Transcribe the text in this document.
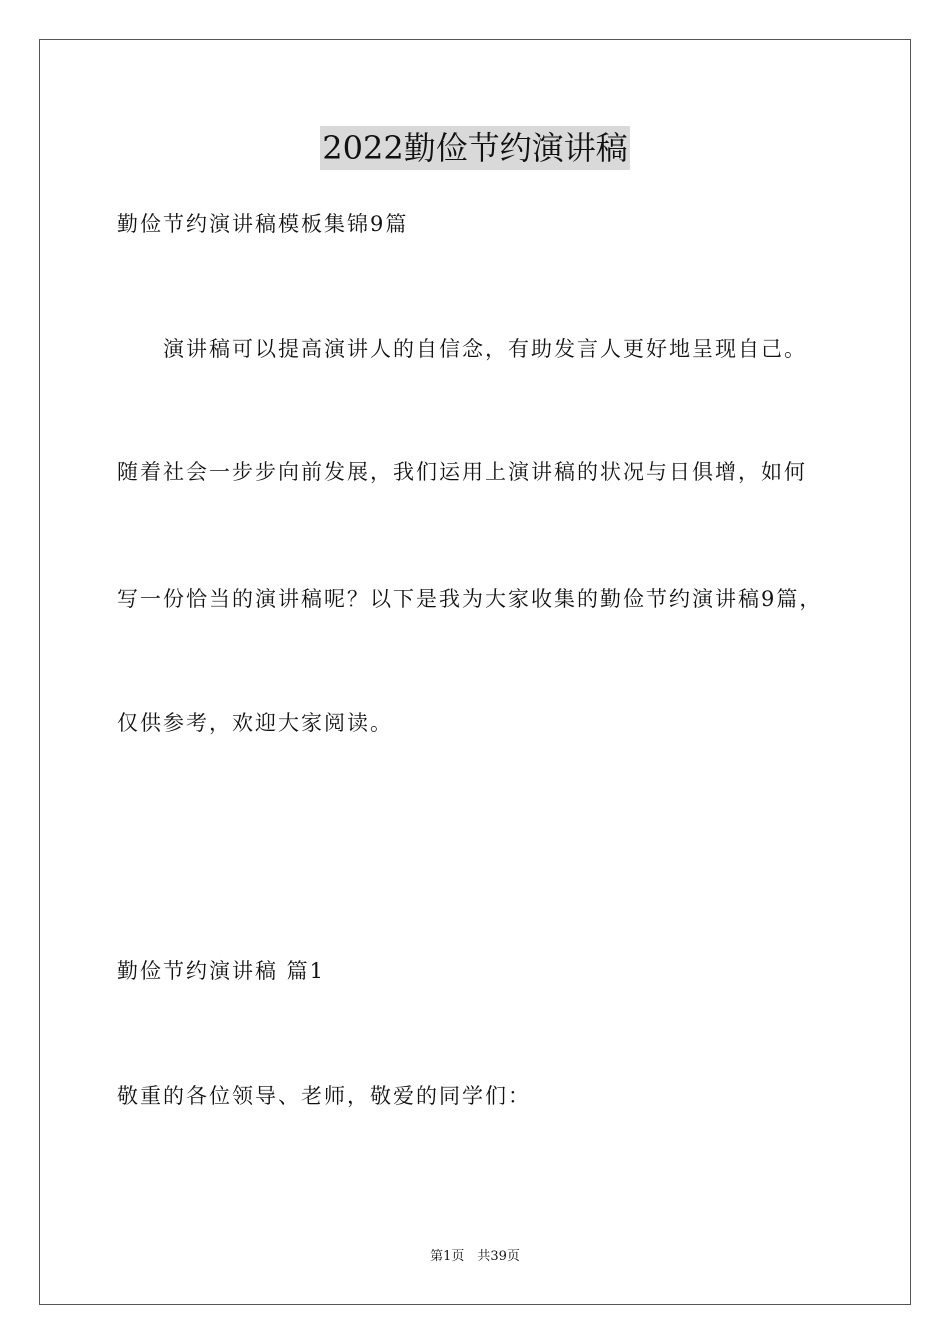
2022勤俭节约演讲稿
勤俭节约演讲稿模板集锦9篇
演讲稿可以提高演讲人的自信念，有助发言人更好地呈现自己。
随着社会一步步向前发展，我们运用上演讲稿的状况与日俱增，如何
写一份恰当的演讲稿呢？以下是我为大家收集的勤俭节约演讲稿9篇，
仅供参考，欢迎大家阅读。
勤俭节约演讲稿 篇1
敬重的各位领导、老师，敬爱的同学们：
第1页　共39页
